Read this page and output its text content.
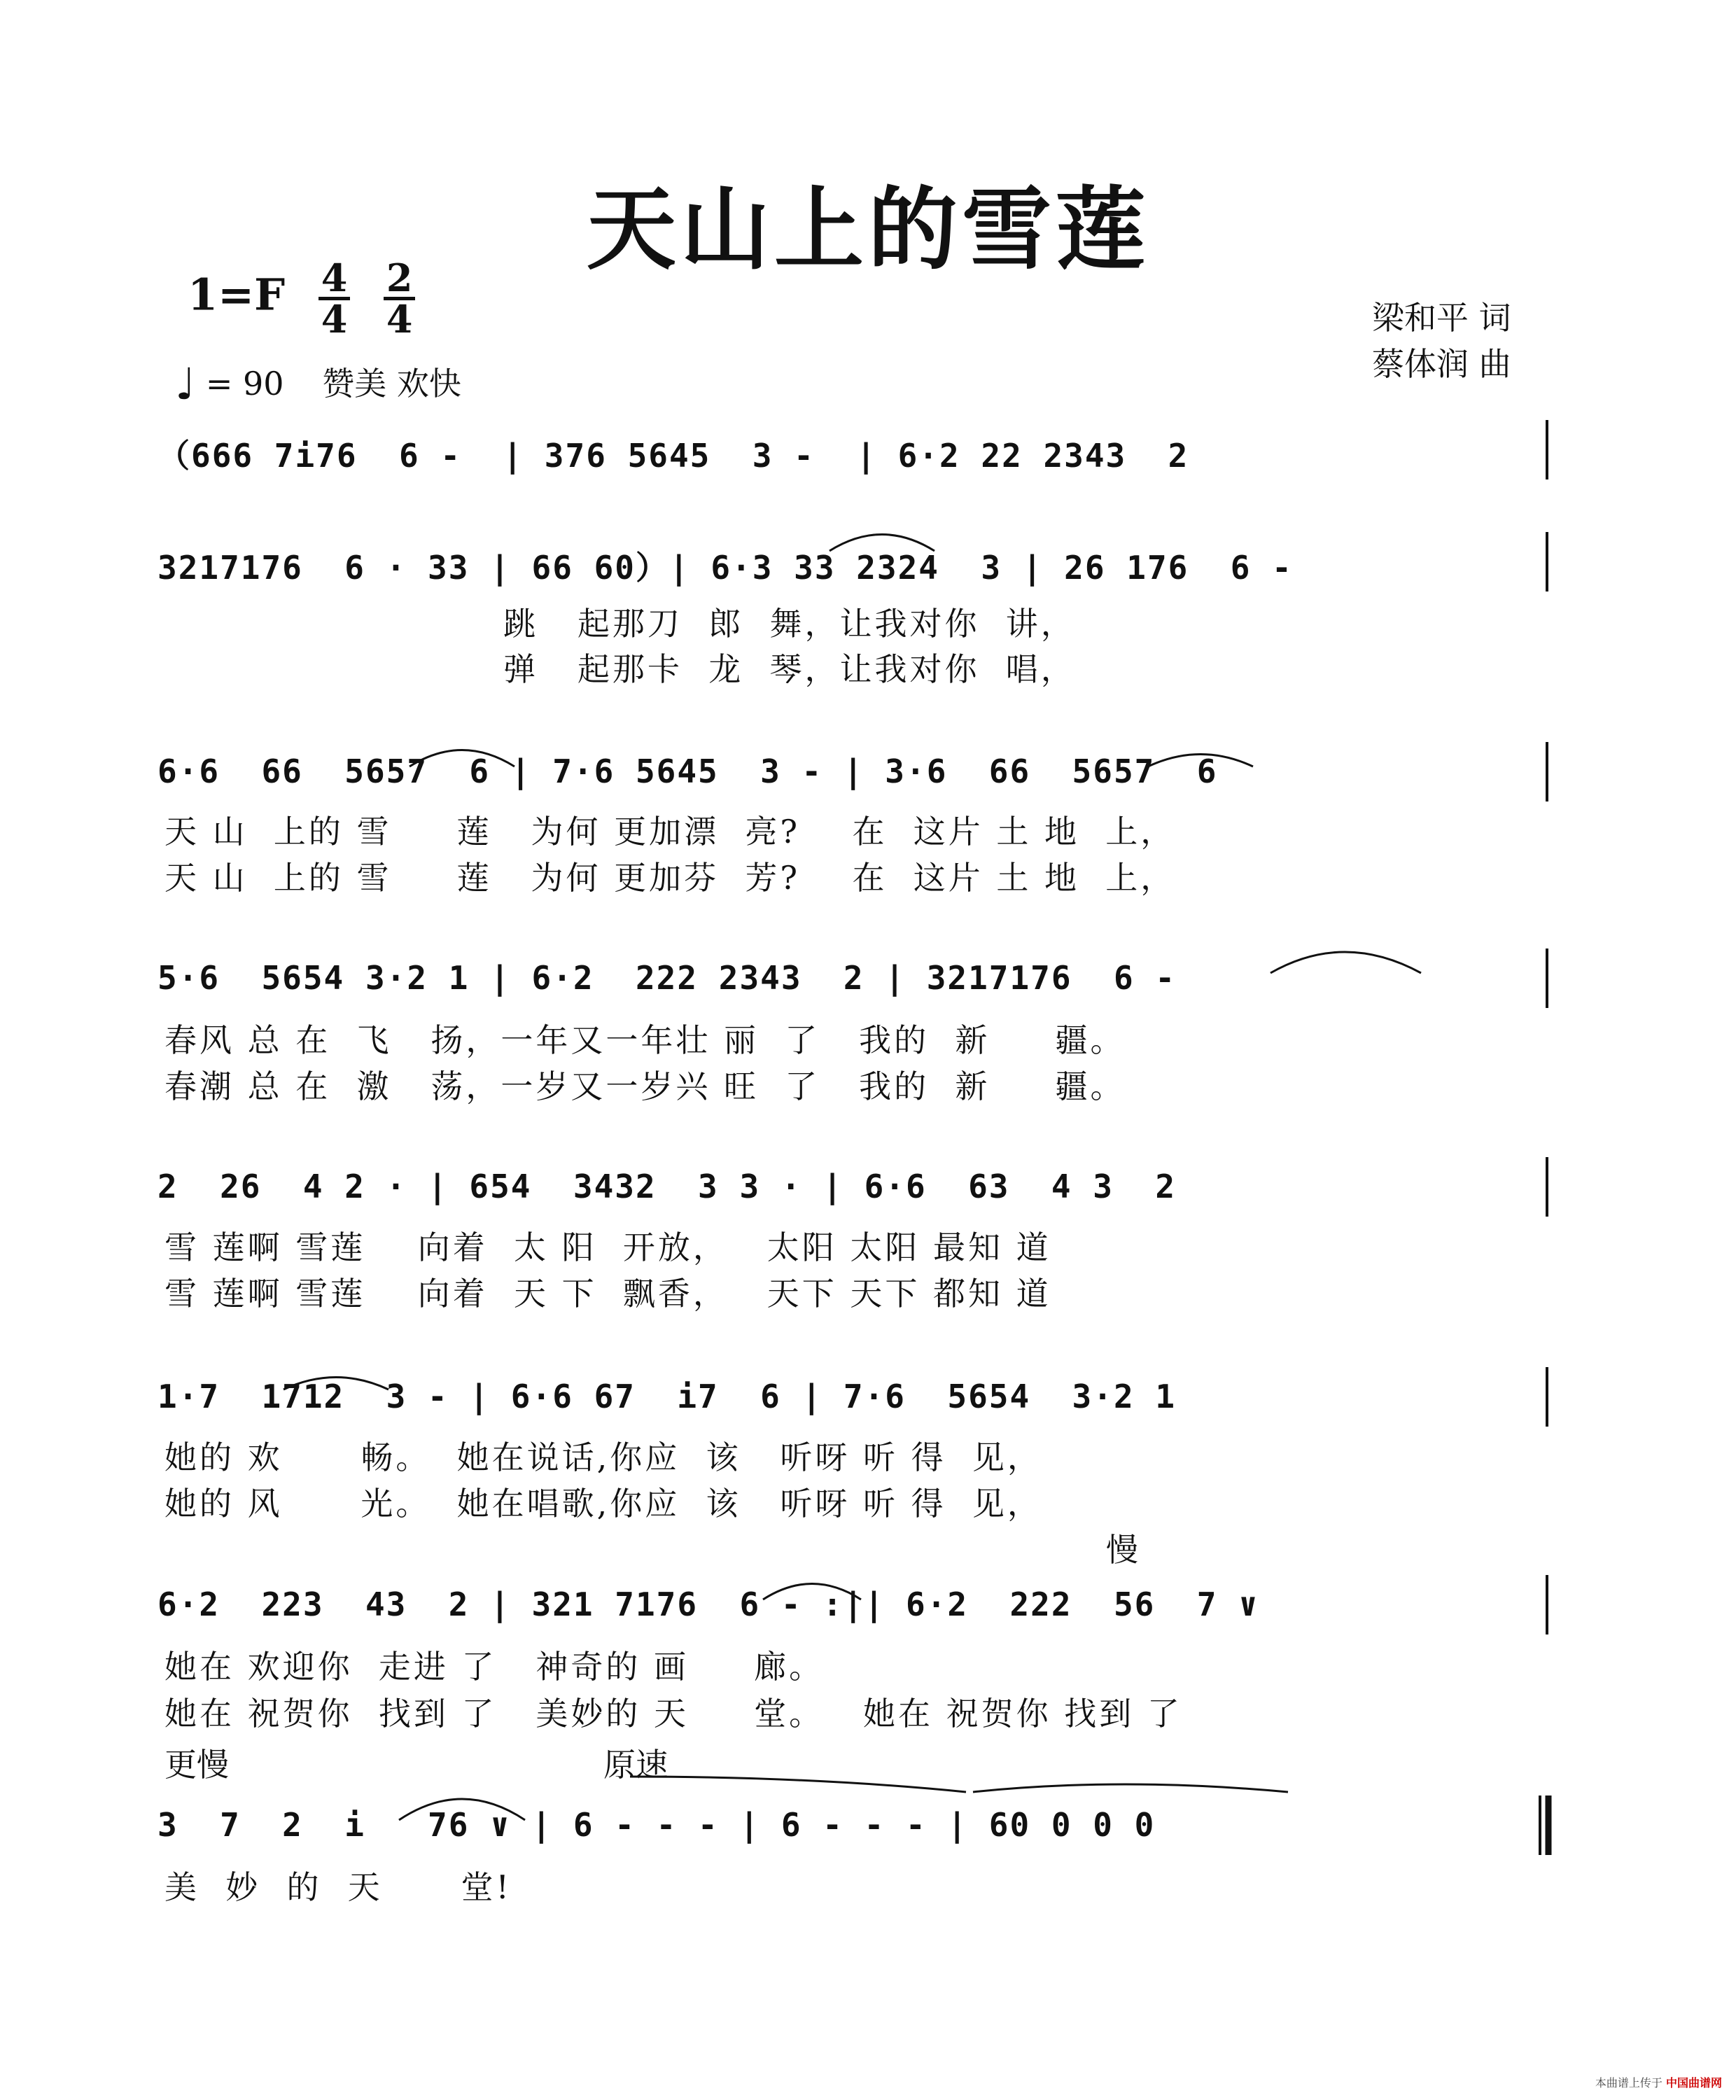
天山上的雪莲
$1=F \frac{4}{4}$
$\frac{2}{4}$	梁和平 词
蔡体润 曲
♩ = 90 赞美 欢快
（666 7i76  6 -  | 376 5645  3 -  | 6·2 22 2343  2
3217176  6 · 33 | 66 60）| 6·3 33 2324  3 | 26 176  6 -
跳   起那刀  郎  舞，让我对你  讲，
弹   起那卡  龙  琴，让我对你  唱，
6·6  66  5657  6 | 7·6 5645  3 - | 3·6  66  5657  6
天 山  上的 雪     莲   为何 更加漂  亮?    在  这片 土 地  上，
天 山  上的 雪     莲   为何 更加芬  芳?    在  这片 土 地  上，
5·6  5654 3·2 1 | 6·2  222 2343  2 | 3217176  6 -
春风 总 在  飞   扬，一年又一年壮 丽  了   我的  新     疆。
春潮 总 在  激   荡，一岁又一岁兴 旺  了   我的  新     疆。
2  26  4 2 · | 654  3432  3 3 · | 6·6  63  4 3  2
雪 莲啊 雪莲    向着  太 阳  开放，   太阳 太阳 最知 道
雪 莲啊 雪莲    向着  天 下  飘香，   天下 天下 都知 道
1·7  1712  3 - | 6·6 67  i7  6 | 7·6  5654  3·2 1
她的 欢      畅。  她在说话,你应  该   听呀 听 得  见，
她的 风      光。  她在唱歌,你应  该   听呀 听 得  见，
慢
6·2  223  43  2 | 321 7176  6 - :|| 6·2  222  56  7 ∨
她在 欢迎你  走进 了   神奇的 画     廊。
她在 祝贺你  找到 了   美妙的 天     堂。   她在 祝贺你 找到 了
更慢	原速
3  7  2  i   76 ∨ | 6 - - - | 6 - - - | 60 0 0 0
美  妙  的  天      堂!
本曲谱上传于 中国曲谱网
